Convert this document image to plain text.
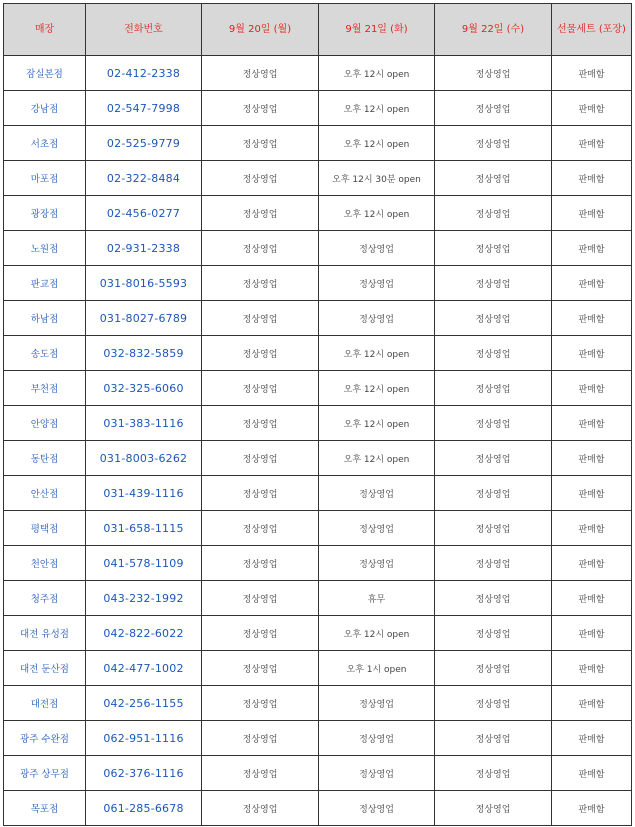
매장	전화번호	9월 20일 (월)	9월 21일 (화)	9월 22일 (수)	선물세트 (포장)
잠실본점	02-412-2338	정상영업	오후 12시 open	정상영업	판매함
강남점	02-547-7998	정상영업	오후 12시 open	정상영업	판매함
서초점	02-525-9779	정상영업	오후 12시 open	정상영업	판매함
마포점	02-322-8484	정상영업	오후 12시 30분 open	정상영업	판매함
광장점	02-456-0277	정상영업	오후 12시 open	정상영업	판매함
노원점	02-931-2338	정상영업	정상영업	정상영업	판매함
판교점	031-8016-5593	정상영업	정상영업	정상영업	판매함
하남점	031-8027-6789	정상영업	정상영업	정상영업	판매함
송도점	032-832-5859	정상영업	오후 12시 open	정상영업	판매함
부천점	032-325-6060	정상영업	오후 12시 open	정상영업	판매함
안양점	031-383-1116	정상영업	오후 12시 open	정상영업	판매함
동탄점	031-8003-6262	정상영업	오후 12시 open	정상영업	판매함
안산점	031-439-1116	정상영업	정상영업	정상영업	판매함
평택점	031-658-1115	정상영업	정상영업	정상영업	판매함
천안점	041-578-1109	정상영업	정상영업	정상영업	판매함
청주점	043-232-1992	정상영업	휴무	정상영업	판매함
대전 유성점	042-822-6022	정상영업	오후 12시 open	정상영업	판매함
대전 둔산점	042-477-1002	정상영업	오후 1시 open	정상영업	판매함
대전점	042-256-1155	정상영업	정상영업	정상영업	판매함
광주 수완점	062-951-1116	정상영업	정상영업	정상영업	판매함
광주 상무점	062-376-1116	정상영업	정상영업	정상영업	판매함
목포점	061-285-6678	정상영업	정상영업	정상영업	판매함
